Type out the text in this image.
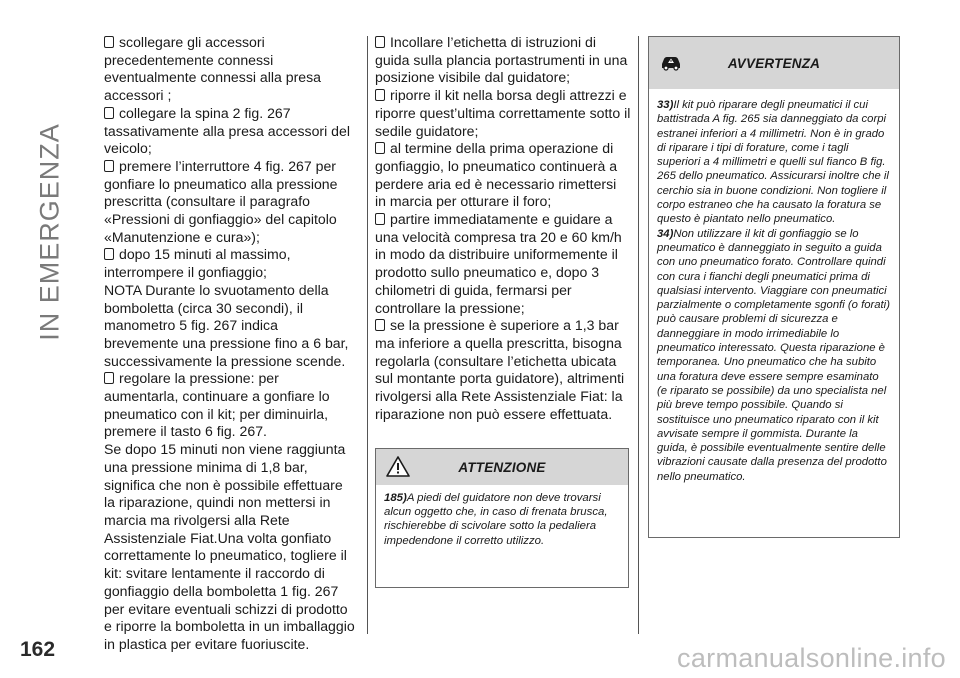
IN EMERGENZA
162

scollegare gli accessori precedentemente connessi eventualmente connessi alla presa accessori ;

collegare la spina 2 fig. 267 tassativamente alla presa accessori del veicolo;

premere l’interruttore 4 fig. 267 per gonfiare lo pneumatico alla pressione prescritta (consultare il paragrafo «Pressioni di gonfiaggio» del capitolo «Manutenzione e cura»);

dopo 15 minuti al massimo, interrompere il gonfiaggio;

NOTA Durante lo svuotamento della bomboletta (circa 30 secondi), il manometro 5 fig. 267 indica brevemente una pressione fino a 6 bar, successivamente la pressione scende.

regolare la pressione: per aumentarla, continuare a gonfiare lo pneumatico con il kit; per diminuirla, premere il tasto 6 fig. 267.

Se dopo 15 minuti non viene raggiunta una pressione minima di 1,8 bar, significa che non è possibile effettuare la riparazione, quindi non mettersi in marcia ma rivolgersi alla Rete Assistenziale Fiat.Una volta gonfiato correttamente lo pneumatico, togliere il kit: svitare lentamente il raccordo di gonfiaggio della bomboletta 1 fig. 267 per evitare eventuali schizzi di prodotto e riporre la bomboletta in un imballaggio in plastica per evitare fuoriuscite.

Incollare l’etichetta di istruzioni di guida sulla plancia portastrumenti in una posizione visibile dal guidatore;

riporre il kit nella borsa degli attrezzi e riporre quest’ultima correttamente sotto il sedile guidatore;

al termine della prima operazione di gonfiaggio, lo pneumatico continuerà a perdere aria ed è necessario rimettersi in marcia per otturare il foro;

partire immediatamente e guidare a una velocità compresa tra 20 e 60 km/h in modo da distribuire uniformemente il prodotto sullo pneumatico e, dopo 3 chilometri di guida, fermarsi per controllare la pressione;

se la pressione è superiore a 1,3 bar ma inferiore a quella prescritta, bisogna regolarla (consultare l’etichetta ubicata sul montante porta guidatore), altrimenti rivolgersi alla Rete Assistenziale Fiat: la riparazione non può essere effettuata.

ATTENZIONE

185)A piedi del guidatore non deve trovarsi alcun oggetto che, in caso di frenata brusca, rischierebbe di scivolare sotto la pedaliera impedendone il corretto utilizzo.

AVVERTENZA

33)Il kit può riparare degli pneumatici il cui battistrada A fig. 265 sia danneggiato da corpi estranei inferiori a 4 millimetri. Non è in grado di riparare i tipi di forature, come i tagli superiori a 4 millimetri e quelli sul fianco B fig. 265 dello pneumatico. Assicurarsi inoltre che il cerchio sia in buone condizioni. Non togliere il corpo estraneo che ha causato la foratura se questo è piantato nello pneumatico.

34)Non utilizzare il kit di gonfiaggio se lo pneumatico è danneggiato in seguito a guida con uno pneumatico forato. Controllare quindi con cura i fianchi degli pneumatici prima di qualsiasi intervento. Viaggiare con pneumatici parzialmente o completamente sgonfi (o forati) può causare problemi di sicurezza e danneggiare in modo irrimediabile lo pneumatico interessato. Questa riparazione è temporanea. Uno pneumatico che ha subito una foratura deve essere sempre esaminato (e riparato se possibile) da uno specialista nel più breve tempo possibile. Quando si sostituisce uno pneumatico riparato con il kit avvisate sempre il gommista. Durante la guida, è possibile eventualmente sentire delle vibrazioni causate dalla presenza del prodotto nello pneumatico.

carmanualsonline.info
